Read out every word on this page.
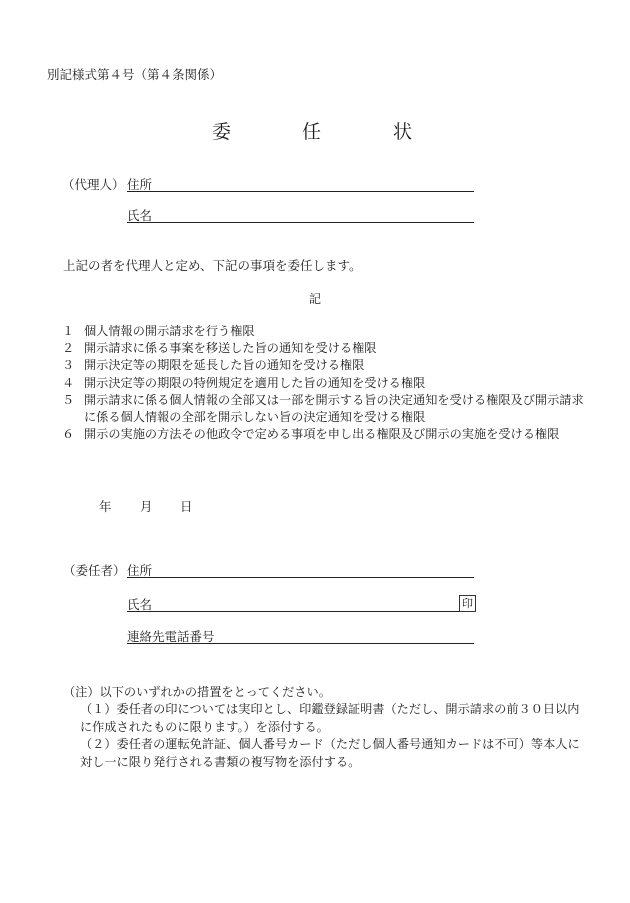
別記様式第４号（第４条関係）
委	任	状
（代理人） 住所
氏名
上記の者を代理人と定め、下記の事項を委任します。
記
１ 個人情報の開示請求を行う権限
２ 開示請求に係る事案を移送した旨の通知を受ける権限
３ 開示決定等の期限を延長した旨の通知を受ける権限
４ 開示決定等の期限の特例規定を適用した旨の通知を受ける権限
５ 開示請求に係る個人情報の全部又は一部を開示する旨の決定通知を受ける権限及び開示請求に係る個人情報の全部を開示しない旨の決定通知を受ける権限
６ 開示の実施の方法その他政令で定める事項を申し出る権限及び開示の実施を受ける権限
年 月 日
（委任者） 住所
氏名	印
連絡先電話番号
（注）以下のいずれかの措置をとってください。
（１）委任者の印については実印とし、印鑑登録証明書（ただし、開示請求の前３０日以内に作成されたものに限ります。）を添付する。
（２）委任者の運転免許証、個人番号カード（ただし個人番号通知カードは不可）等本人に対し一に限り発行される書類の複写物を添付する。
